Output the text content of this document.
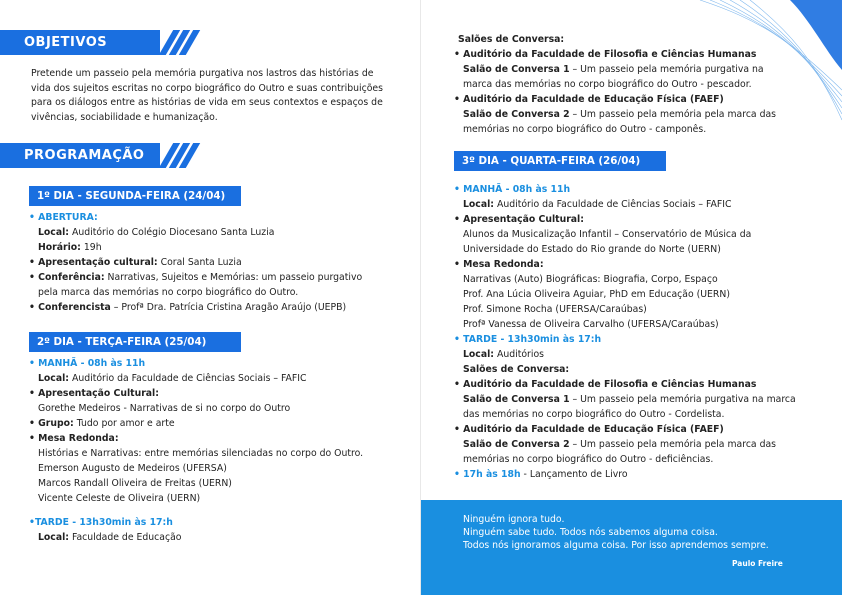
OBJETIVOS
Pretende um passeio pela memória purgativa nos lastros das histórias de
vida dos sujeitos escritas no corpo biográfico do Outro e suas contribuições
para os diálogos entre as histórias de vida em seus contextos e espaços de
vivências, sociabilidade e humanização.
PROGRAMAÇÃO
1º DIA - SEGUNDA-FEIRA (24/04)
• ABERTURA:
Local: Auditório do Colégio Diocesano Santa Luzia
Horário: 19h
• Apresentação cultural: Coral Santa Luzia
• Conferência: Narrativas, Sujeitos e Memórias: um passeio purgativo
pela marca das memórias no corpo biográfico do Outro.
• Conferencista – Profª Dra. Patrícia Cristina Aragão Araújo (UEPB)
2º DIA - TERÇA-FEIRA (25/04)
• MANHÃ - 08h às 11h
Local: Auditório da Faculdade de Ciências Sociais – FAFIC
• Apresentação Cultural:
Gorethe Medeiros - Narrativas de si no corpo do Outro
• Grupo: Tudo por amor e arte
• Mesa Redonda:
Histórias e Narrativas: entre memórias silenciadas no corpo do Outro.
Emerson Augusto de Medeiros (UFERSA)
Marcos Randall Oliveira de Freitas (UERN)
Vicente Celeste de Oliveira (UERN)
•TARDE - 13h30min às 17:h
Local: Faculdade de Educação
Salões de Conversa:
• Auditório da Faculdade de Filosofia e Ciências Humanas
Salão de Conversa 1 – Um passeio pela memória purgativa na
marca das memórias no corpo biográfico do Outro - pescador.
• Auditório da Faculdade de Educação Física (FAEF)
Salão de Conversa 2 – Um passeio pela memória pela marca das
memórias no corpo biográfico do Outro - camponês.
3º DIA - QUARTA-FEIRA (26/04)
• MANHÃ - 08h às 11h
Local: Auditório da Faculdade de Ciências Sociais – FAFIC
• Apresentação Cultural:
Alunos da Musicalização Infantil – Conservatório de Música da
Universidade do Estado do Rio grande do Norte (UERN)
• Mesa Redonda:
Narrativas (Auto) Biográficas: Biografia, Corpo, Espaço
Prof. Ana Lúcia Oliveira Aguiar, PhD em Educação (UERN)
Prof. Simone Rocha (UFERSA/Caraúbas)
Profª Vanessa de Oliveira Carvalho (UFERSA/Caraúbas)
• TARDE - 13h30min às 17:h
Local: Auditórios
Salões de Conversa:
• Auditório da Faculdade de Filosofia e Ciências Humanas
Salão de Conversa 1 – Um passeio pela memória purgativa na marca
das memórias no corpo biográfico do Outro - Cordelista.
• Auditório da Faculdade de Educação Física (FAEF)
Salão de Conversa 2 – Um passeio pela memória pela marca das
memórias no corpo biográfico do Outro - deficiências.
• 17h às 18h - Lançamento de Livro
Ninguém ignora tudo.
Ninguém sabe tudo. Todos nós sabemos alguma coisa.
Todos nós ignoramos alguma coisa. Por isso aprendemos sempre.
Paulo Freire
